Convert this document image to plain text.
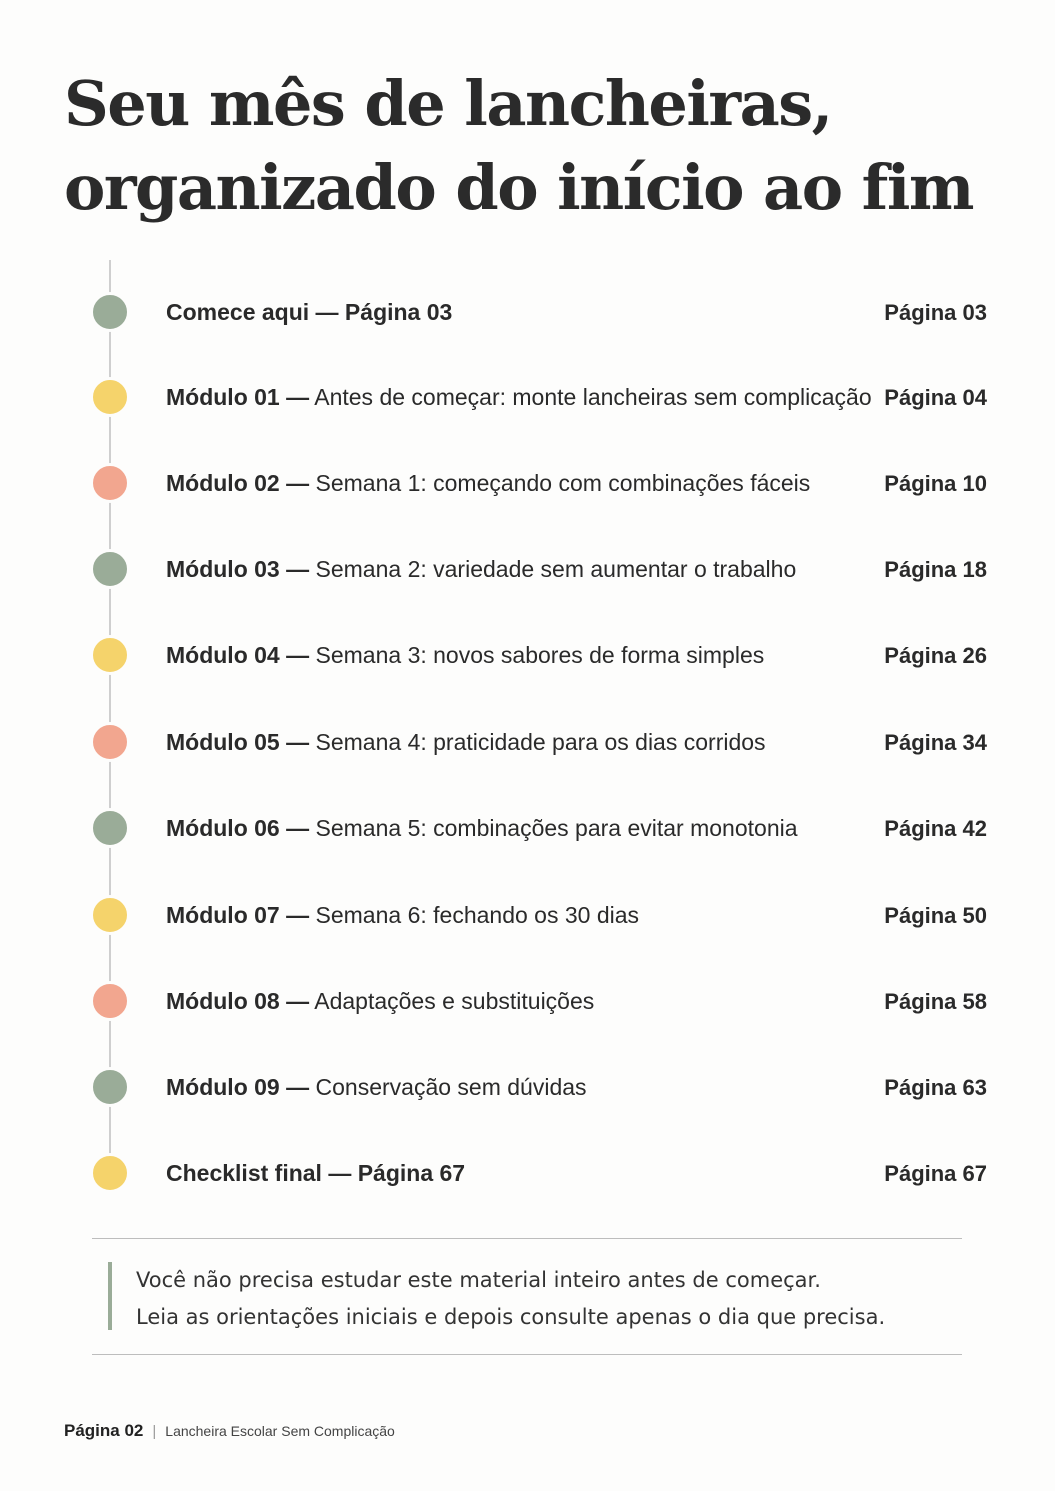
Seu mês de lancheiras,
organizado do início ao fim
Comece aqui — Página 03	Página 03
Módulo 01 — Antes de começar: monte lancheiras sem complicação Página 04
Módulo 02 — Semana 1: começando com combinações fáceis	Página 10
Módulo 03 — Semana 2: variedade sem aumentar o trabalho	Página 18
Módulo 04 — Semana 3: novos sabores de forma simples	Página 26
Módulo 05 — Semana 4: praticidade para os dias corridos	Página 34
Módulo 06 — Semana 5: combinações para evitar monotonia	Página 42
Módulo 07 — Semana 6: fechando os 30 dias	Página 50
Módulo 08 — Adaptações e substituições	Página 58
Módulo 09 — Conservação sem dúvidas	Página 63
Checklist final — Página 67	Página 67

Você não precisa estudar este material inteiro antes de começar.

Leia as orientações iniciais e depois consulte apenas o dia que precisa.

Página 02 | Lancheira Escolar Sem Complicação
